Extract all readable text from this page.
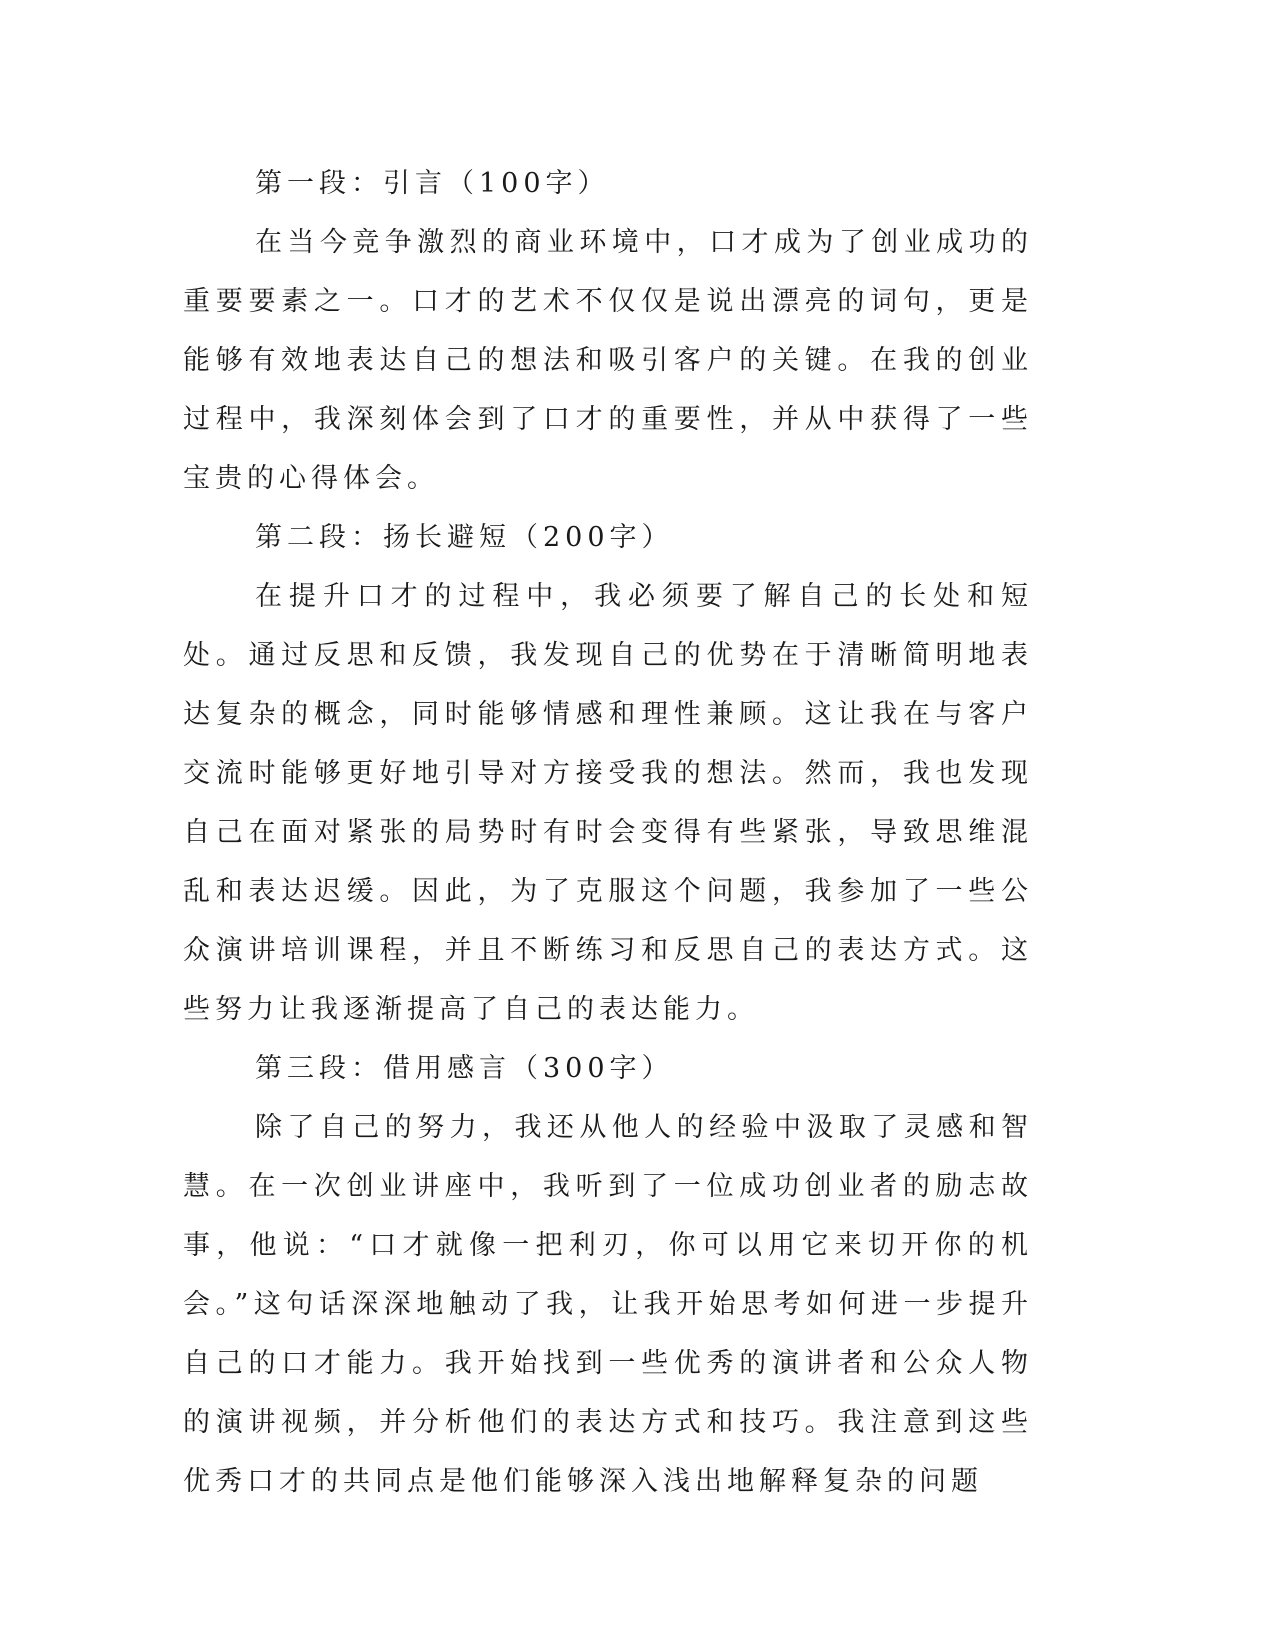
第一段：引言（100字）

在当今竞争激烈的商业环境中，口才成为了创业成功的重要要素之一。口才的艺术不仅仅是说出漂亮的词句，更是能够有效地表达自己的想法和吸引客户的关键。在我的创业过程中，我深刻体会到了口才的重要性，并从中获得了一些宝贵的心得体会。

第二段：扬长避短（200字）

在提升口才的过程中，我必须要了解自己的长处和短处。通过反思和反馈，我发现自己的优势在于清晰简明地表达复杂的概念，同时能够情感和理性兼顾。这让我在与客户交流时能够更好地引导对方接受我的想法。然而，我也发现自己在面对紧张的局势时有时会变得有些紧张，导致思维混乱和表达迟缓。因此，为了克服这个问题，我参加了一些公众演讲培训课程，并且不断练习和反思自己的表达方式。这些努力让我逐渐提高了自己的表达能力。

第三段：借用感言（300字）

除了自己的努力，我还从他人的经验中汲取了灵感和智慧。在一次创业讲座中，我听到了一位成功创业者的励志故事，他说：“口才就像一把利刃，你可以用它来切开你的机会。”这句话深深地触动了我，让我开始思考如何进一步提升自己的口才能力。我开始找到一些优秀的演讲者和公众人物的演讲视频，并分析他们的表达方式和技巧。我注意到这些优秀口才的共同点是他们能够深入浅出地解释复杂的问题
